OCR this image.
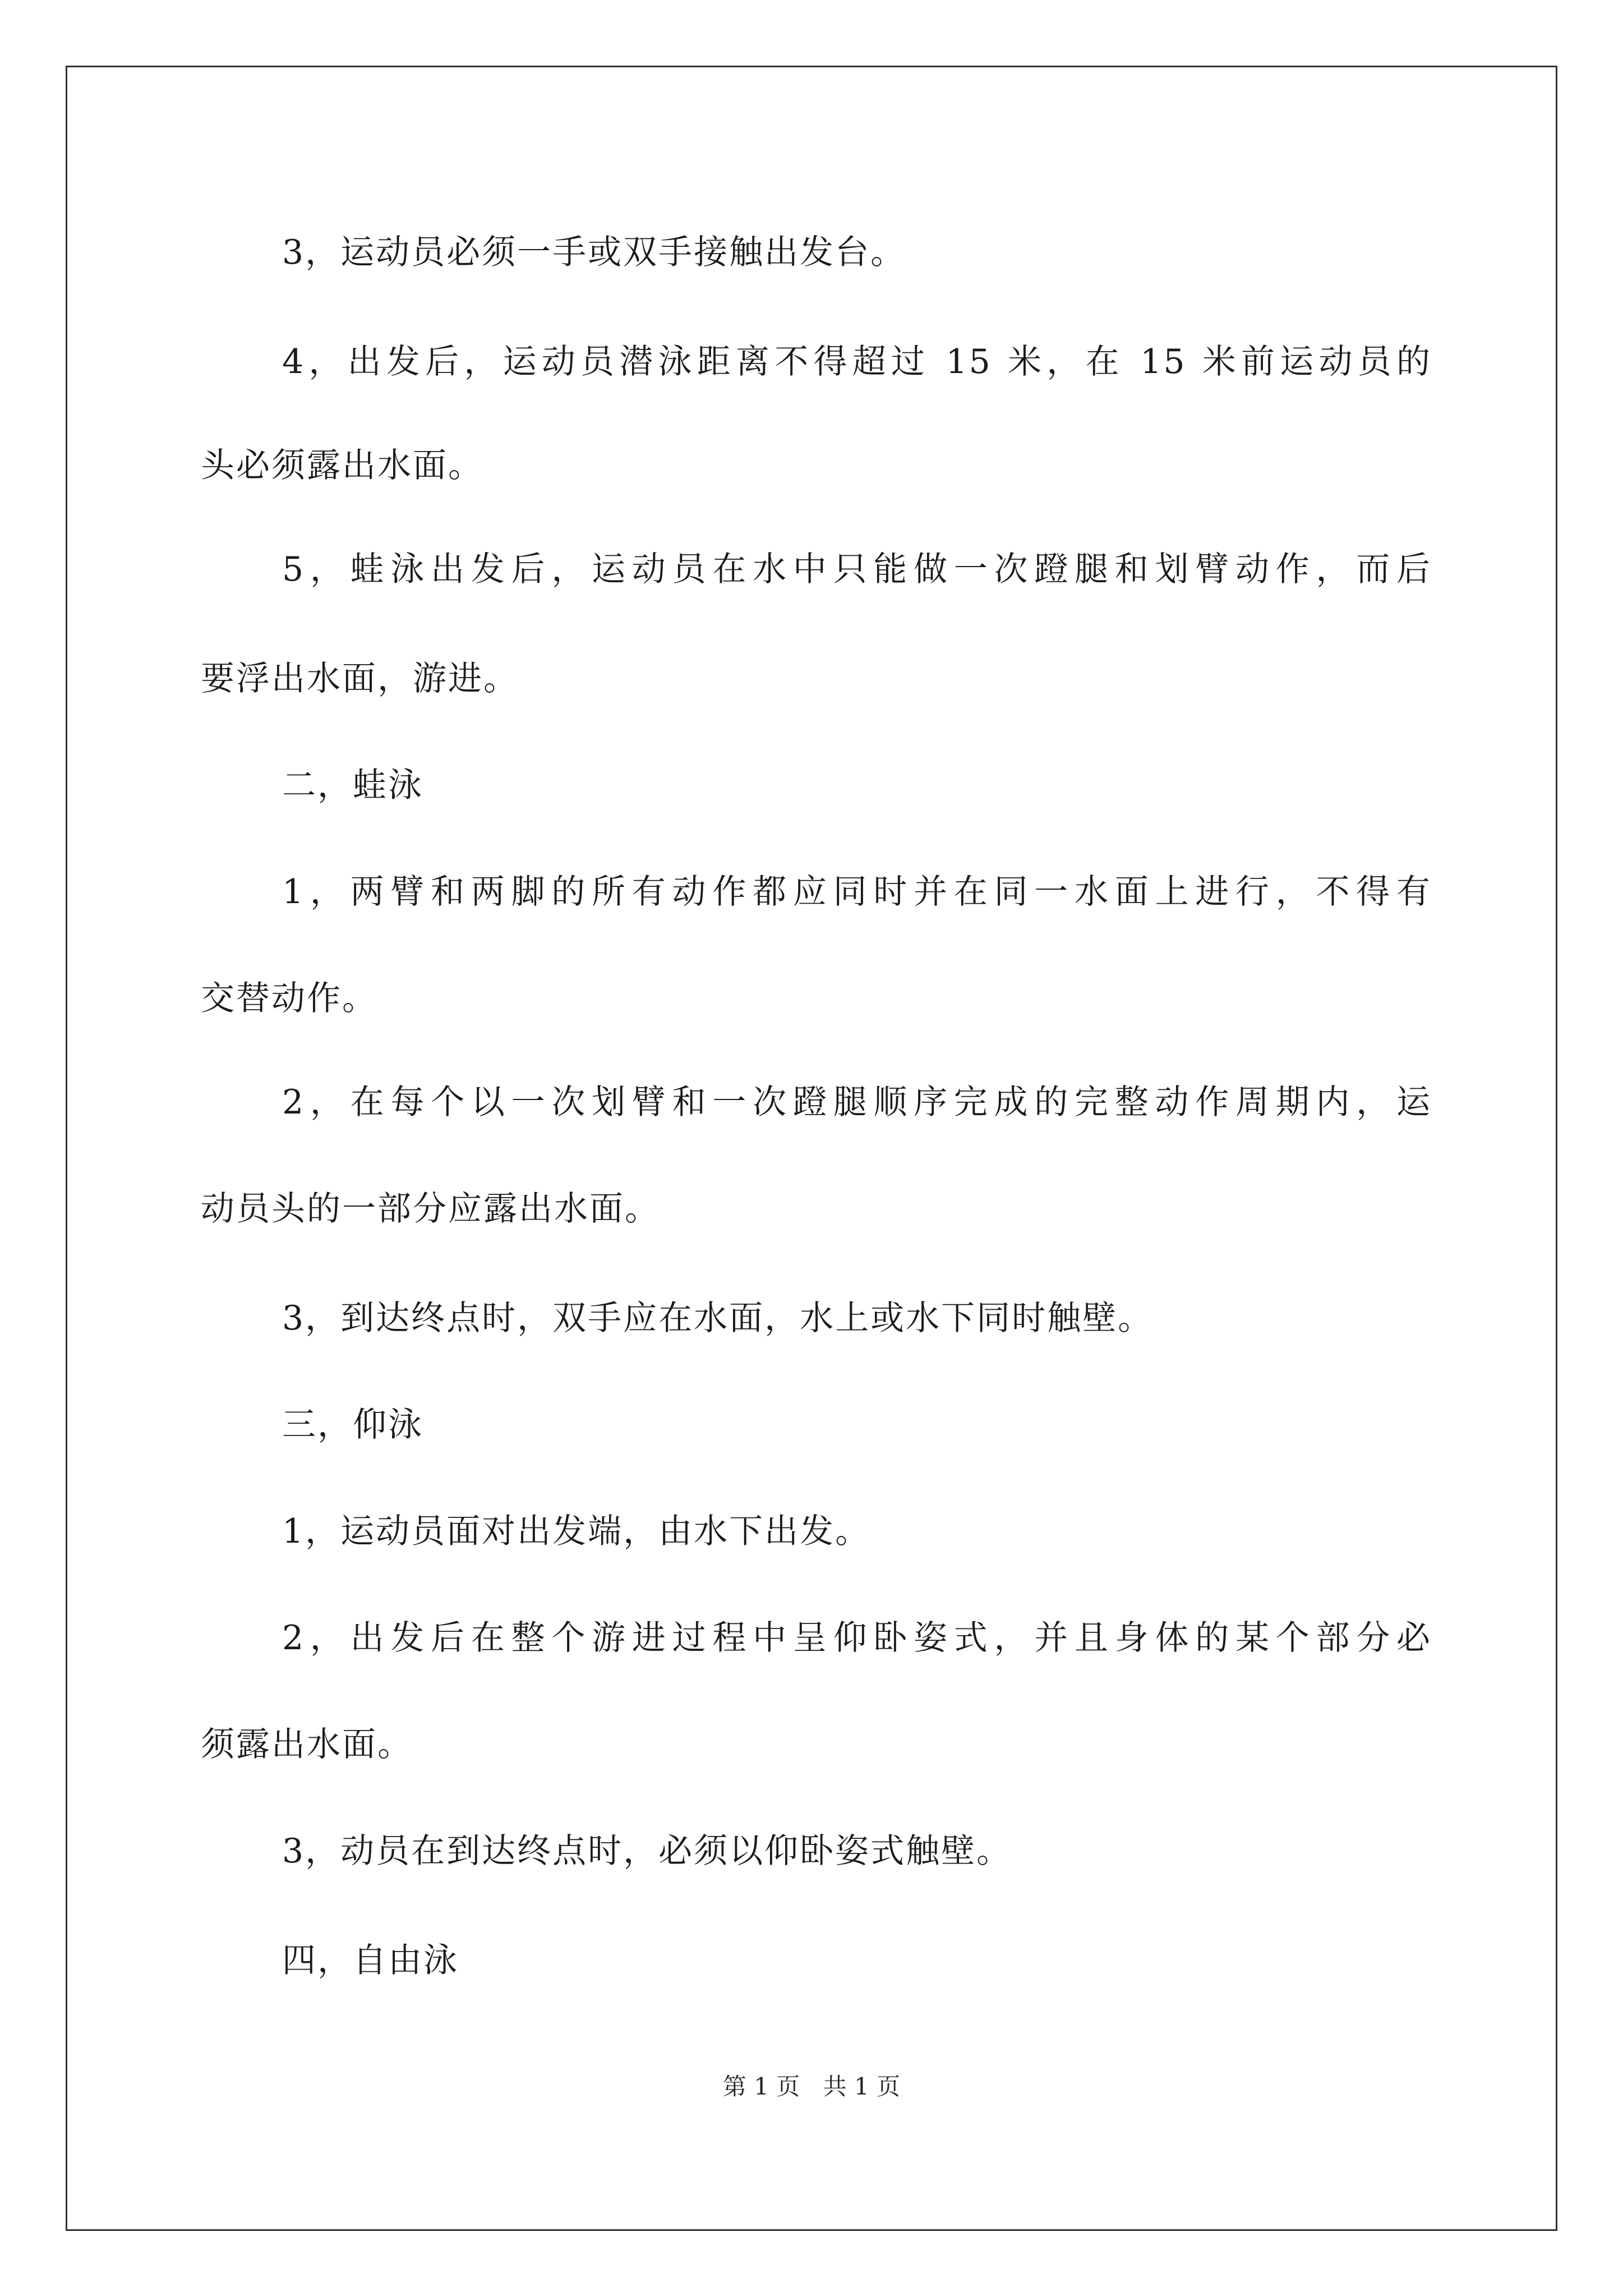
3，运动员必须一手或双手接触出发台。
4，出发后，运动员潜泳距离不得超过 15 米，在 15 米前运动员的
头必须露出水面。
5，蛙泳出发后，运动员在水中只能做一次蹬腿和划臂动作，而后
要浮出水面，游进。
二，蛙泳
1，两臂和两脚的所有动作都应同时并在同一水面上进行，不得有
交替动作。
2，在每个以一次划臂和一次蹬腿顺序完成的完整动作周期内，运
动员头的一部分应露出水面。
3，到达终点时，双手应在水面，水上或水下同时触壁。
三，仰泳
1，运动员面对出发端，由水下出发。
2，出发后在整个游进过程中呈仰卧姿式，并且身体的某个部分必
须露出水面。
3，动员在到达终点时，必须以仰卧姿式触壁。
四，自由泳
第 1 页 共 1 页
